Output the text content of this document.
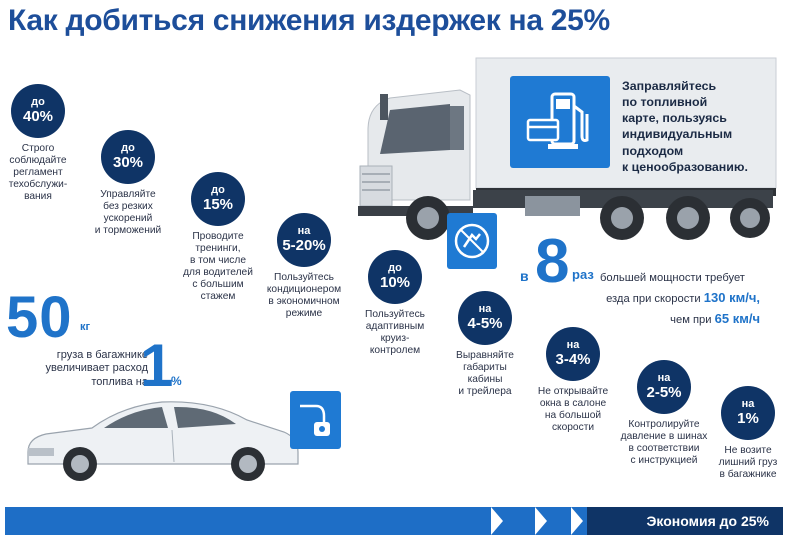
Как добиться снижения издержек на 25%
Заправляйтесь
по топливной
карте, пользуясь
индивидуальным
подходом
к ценообразованию.
до
40%
Строго
соблюдайте
регламент
техобслужи-
вания
до
30%
Управляйте
без резких
ускорений
и торможений
до
15%
Проводите
тренинги,
в том числе
для водителей
с большим
стажем
на
5-20%
Пользуйтесь
кондиционером
в экономичном
режиме
до
10%
Пользуйтесь
адаптивным
круиз-
контролем
на
4-5%
Выравняйте
габариты
кабины
и трейлера
на
3-4%
Не открывайте
окна в салоне
на большой
скорости
на
2-5%
Контролируйте
давление в шинах
в соответствии
с инструкцией
на
1%
Не возите
лишний груз
в багажнике
50 кг
груза в багажнике увеличивает расход топлива на
1
%
в 8 раз большей мощности требует
езда при скорости 130 км/ч,
чем при 65 км/ч
Экономия до 25%
